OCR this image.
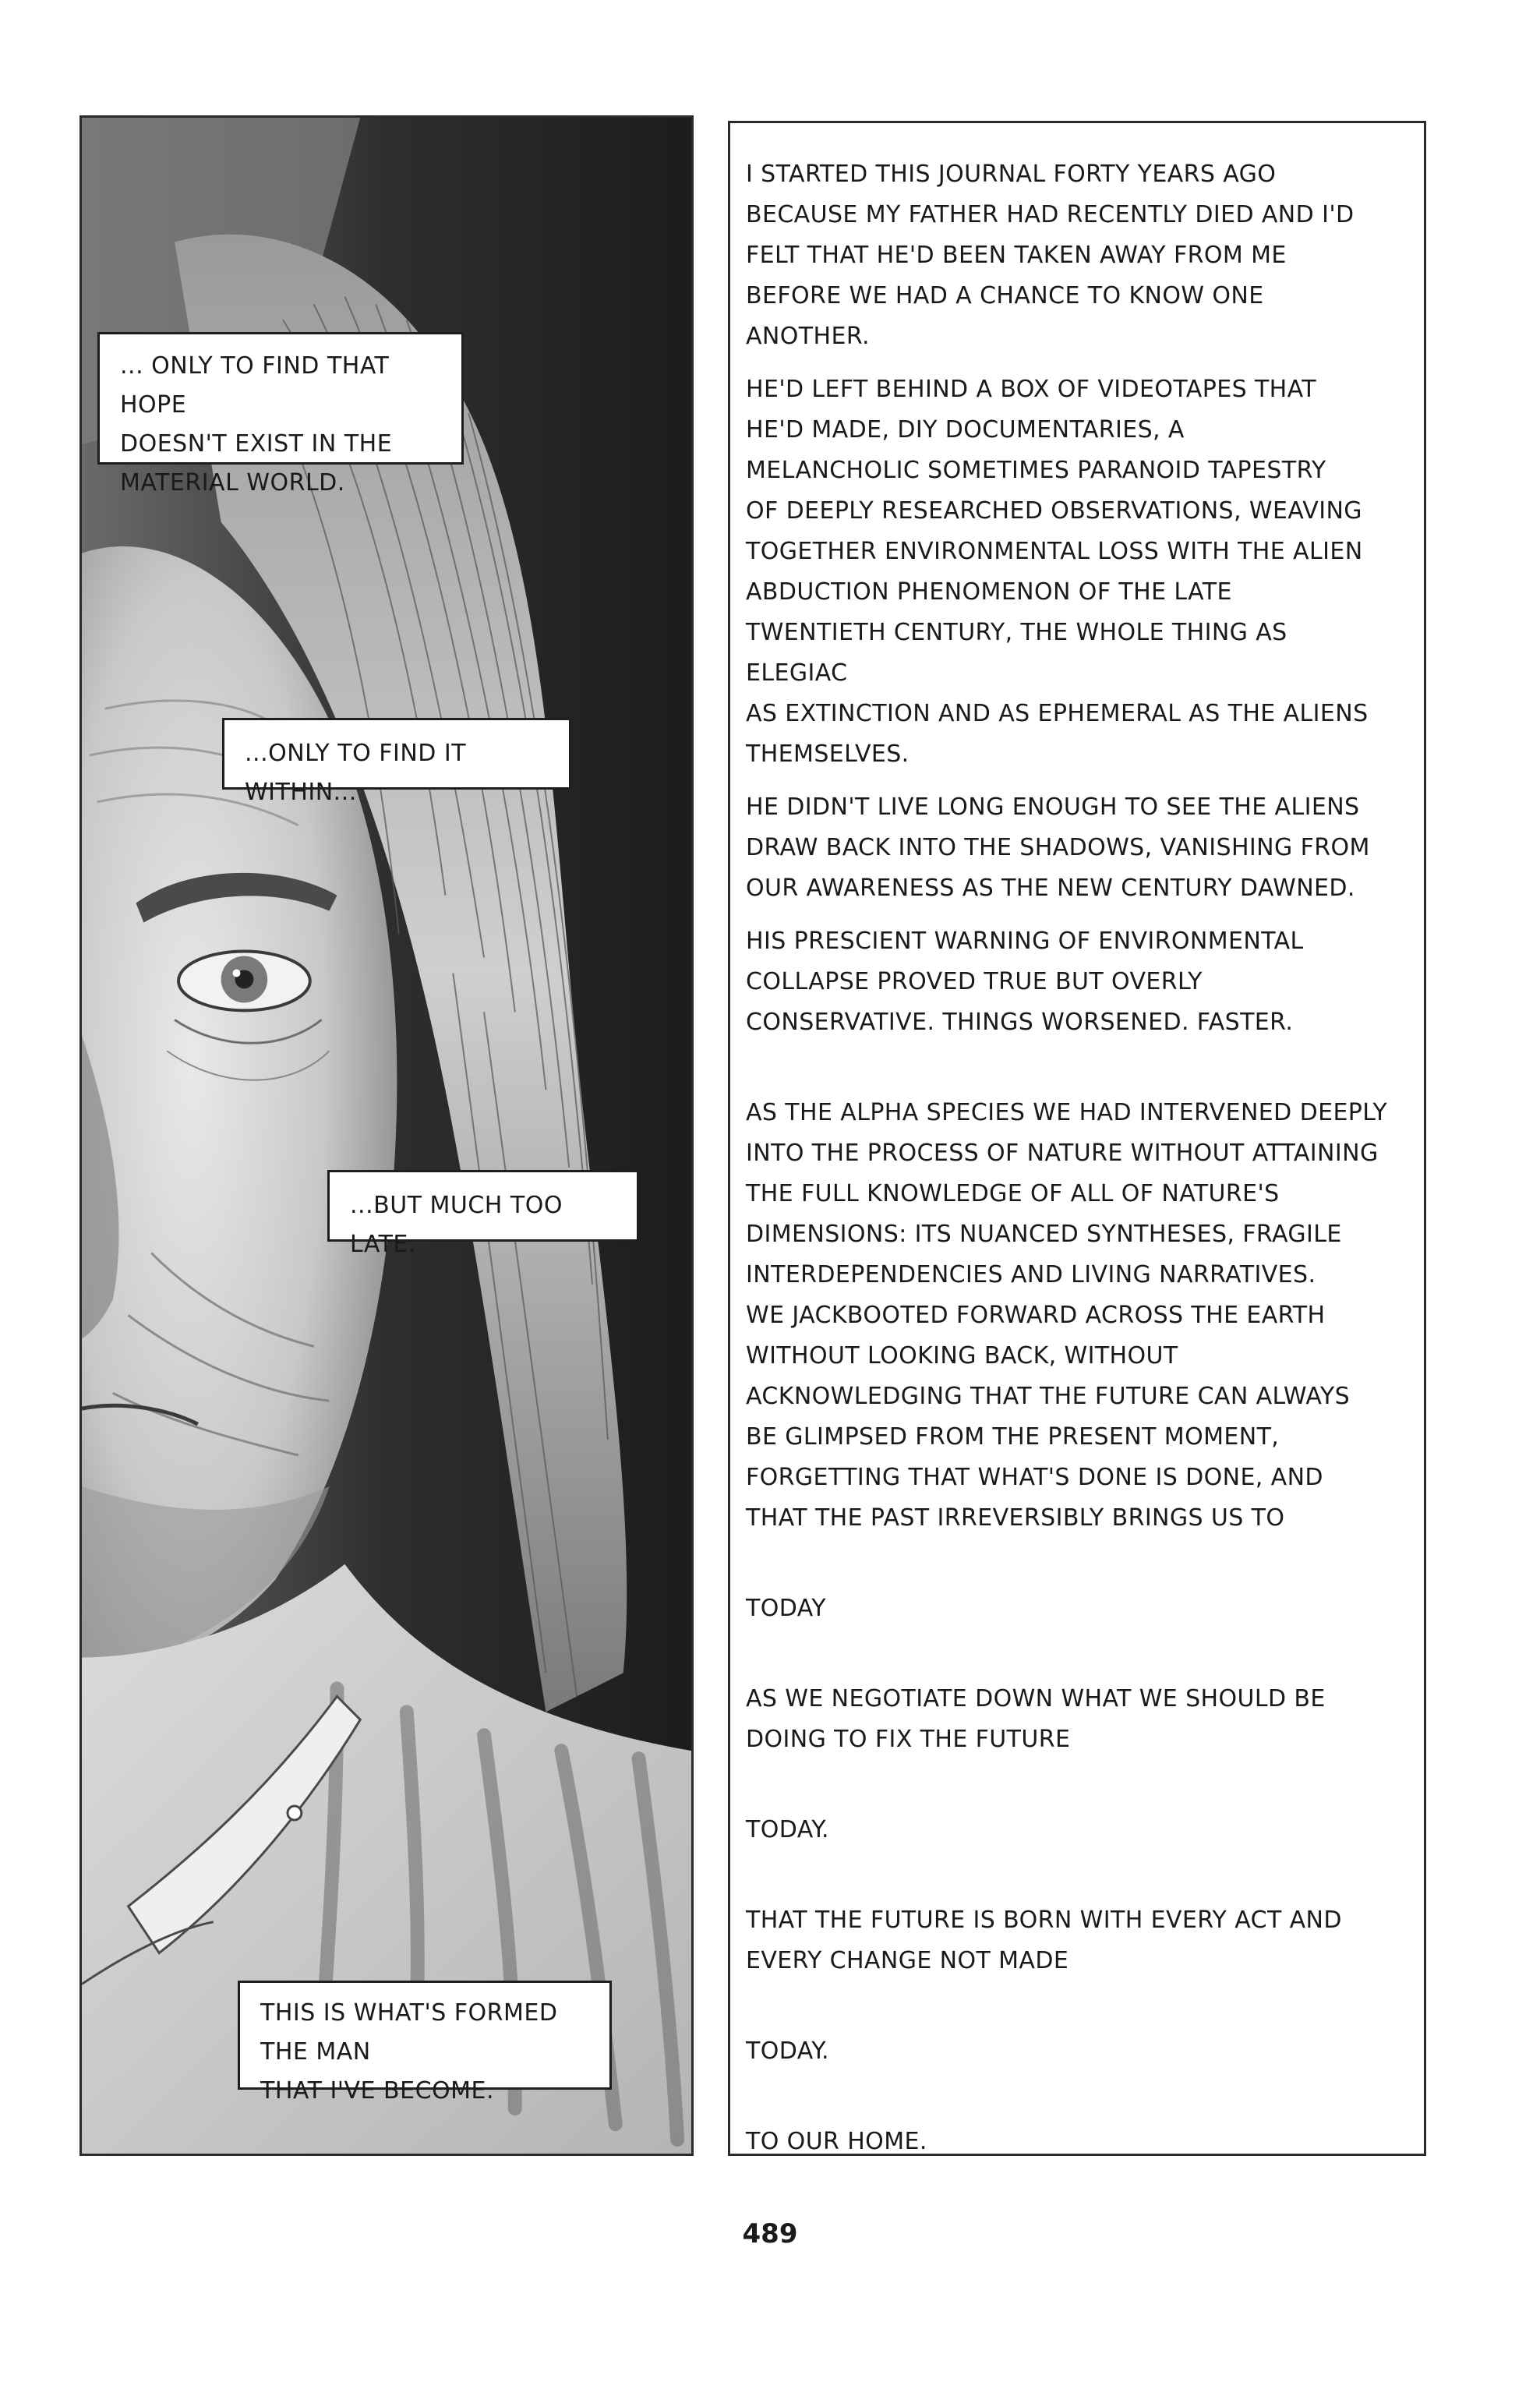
... ONLY TO FIND THAT HOPE
DOESN'T EXIST IN THE
MATERIAL WORLD.
...ONLY TO FIND IT WITHIN...
...BUT MUCH TOO LATE.
THIS IS WHAT'S FORMED THE MAN
THAT I'VE BECOME.
I STARTED THIS JOURNAL FORTY YEARS AGO
BECAUSE MY FATHER HAD RECENTLY DIED AND I'D
FELT THAT HE'D BEEN TAKEN AWAY FROM ME
BEFORE WE HAD A CHANCE TO KNOW ONE
ANOTHER.
HE'D LEFT BEHIND A BOX OF VIDEOTAPES THAT
HE'D MADE, DIY DOCUMENTARIES, A
MELANCHOLIC SOMETIMES PARANOID TAPESTRY
OF DEEPLY RESEARCHED OBSERVATIONS, WEAVING
TOGETHER ENVIRONMENTAL LOSS WITH THE ALIEN
ABDUCTION PHENOMENON OF THE LATE
TWENTIETH CENTURY, THE WHOLE THING AS ELEGIAC
AS EXTINCTION AND AS EPHEMERAL AS THE ALIENS
THEMSELVES.
HE DIDN'T LIVE LONG ENOUGH TO SEE THE ALIENS
DRAW BACK INTO THE SHADOWS, VANISHING FROM
OUR AWARENESS AS THE NEW CENTURY DAWNED.
HIS PRESCIENT WARNING OF ENVIRONMENTAL
COLLAPSE PROVED TRUE BUT OVERLY
CONSERVATIVE. THINGS WORSENED. FASTER.
AS THE ALPHA SPECIES WE HAD INTERVENED DEEPLY
INTO THE PROCESS OF NATURE WITHOUT ATTAINING
THE FULL KNOWLEDGE OF ALL OF NATURE'S
DIMENSIONS: ITS NUANCED SYNTHESES, FRAGILE
INTERDEPENDENCIES AND LIVING NARRATIVES.
WE JACKBOOTED FORWARD ACROSS THE EARTH
WITHOUT LOOKING BACK, WITHOUT
ACKNOWLEDGING THAT THE FUTURE CAN ALWAYS
BE GLIMPSED FROM THE PRESENT MOMENT,
FORGETTING THAT WHAT'S DONE IS DONE, AND
THAT THE PAST IRREVERSIBLY BRINGS US TO
TODAY
AS WE NEGOTIATE DOWN WHAT WE SHOULD BE
DOING TO FIX THE FUTURE
TODAY.
THAT THE FUTURE IS BORN WITH EVERY ACT AND
EVERY CHANGE NOT MADE
TODAY.
TO OUR HOME.
489
